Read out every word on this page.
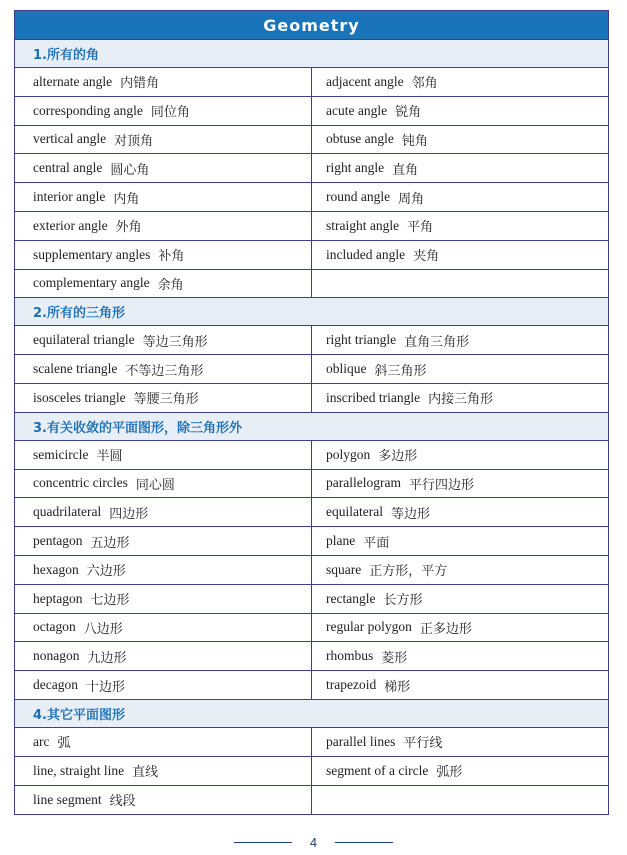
Geometry
1.所有的角
alternate angle 内错角	adjacent angle 邻角
corresponding angle 同位角	acute angle 锐角
vertical angle 对顶角	obtuse angle 钝角
central angle 圆心角	right angle 直角
interior angle 内角	round angle 周角
exterior angle 外角	straight angle 平角
supplementary angles 补角	included angle 夹角
complementary angle 余角
2.所有的三角形
equilateral triangle 等边三角形	right triangle 直角三角形
scalene triangle 不等边三角形	oblique 斜三角形
isosceles triangle 等腰三角形	inscribed triangle 内接三角形
3.有关收敛的平面图形，除三角形外
semicircle 半圆	polygon 多边形
concentric circles 同心圆	parallelogram 平行四边形
quadrilateral 四边形	equilateral 等边形
pentagon 五边形	plane 平面
hexagon 六边形	square 正方形，平方
heptagon 七边形	rectangle 长方形
octagon 八边形	regular polygon 正多边形
nonagon 九边形	rhombus 菱形
decagon 十边形	trapezoid 梯形
4.其它平面图形
arc 弧	parallel lines 平行线
line, straight line 直线	segment of a circle 弧形
line segment 线段
4
